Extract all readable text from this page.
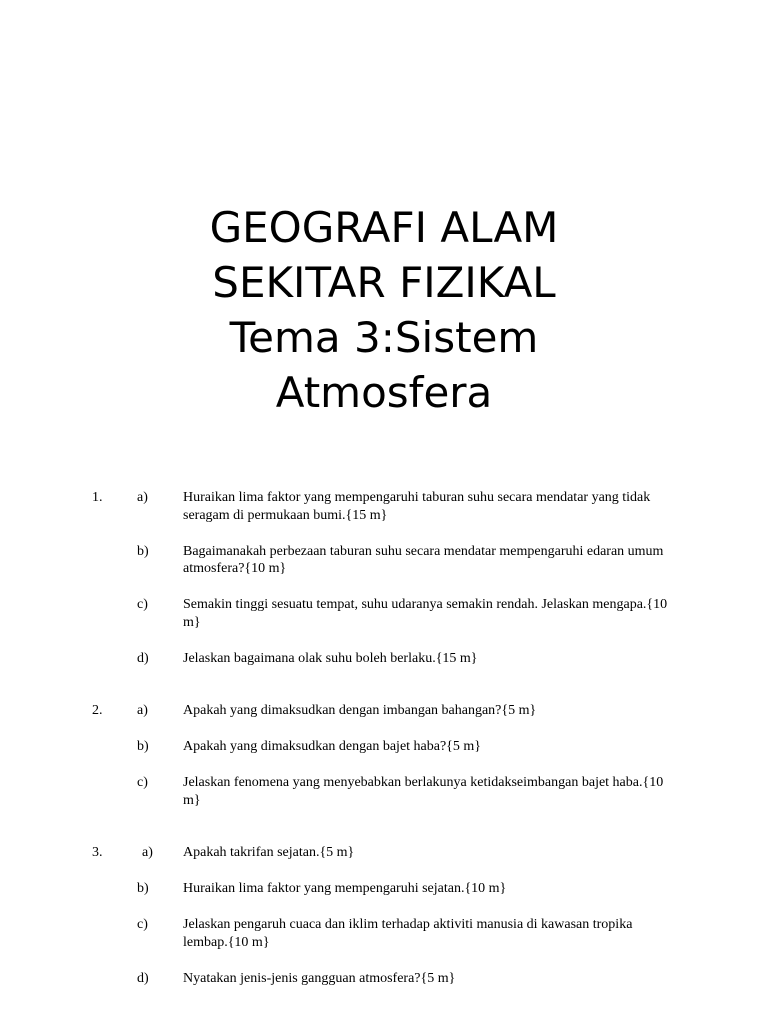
GEOGRAFI ALAM
SEKITAR FIZIKAL
Tema 3:Sistem
Atmosfera
1. a)	Huraikan lima faktor yang mempengaruhi taburan suhu secara mendatar yang tidak   seragam di permukaan bumi.{15 m}
b) Bagaimanakah perbezaan taburan suhu secara mendatar mempengaruhi edaran umum atmosfera?{10 m}
c)	Semakin tinggi sesuatu tempat, suhu udaranya semakin rendah. Jelaskan mengapa.{10 m}
d) Jelaskan bagaimana olak suhu boleh berlaku.{15 m}
2. a)	Apakah yang dimaksudkan dengan imbangan bahangan?{5 m}
b) Apakah yang dimaksudkan dengan bajet haba?{5 m}
c)	Jelaskan fenomena yang menyebabkan berlakunya ketidakseimbangan bajet haba.{10 m}
3.	a) Apakah takrifan sejatan.{5 m}
b) Huraikan lima faktor yang mempengaruhi sejatan.{10 m}
c)	Jelaskan pengaruh cuaca dan iklim terhadap aktiviti manusia di kawasan tropika lembap.{10 m}
d) Nyatakan jenis-jenis gangguan atmosfera?{5 m}
